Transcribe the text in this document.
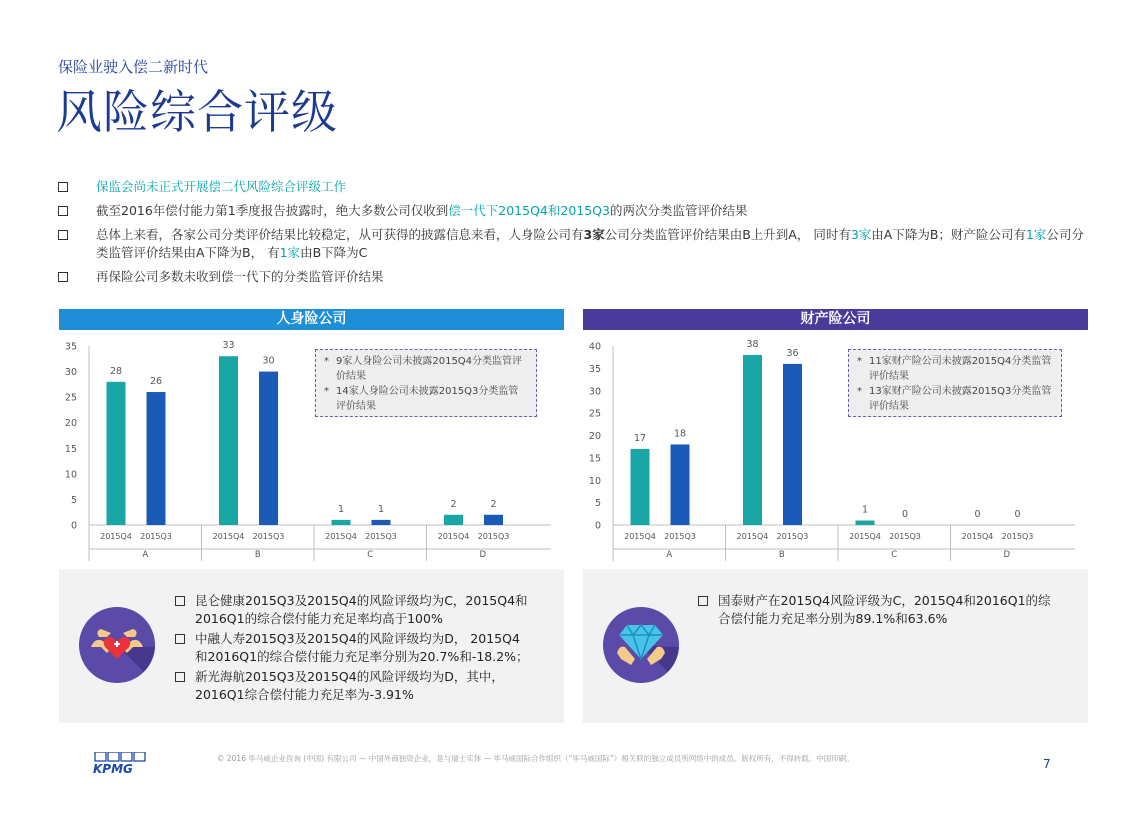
保险业驶入偿二新时代
风险综合评级
保监会尚未正式开展偿二代风险综合评级工作
截至2016年偿付能力第1季度报告披露时，绝大多数公司仅收到偿一代下2015Q4和2015Q3的两次分类监管评价结果
总体上来看，各家公司分类评价结果比较稳定，从可获得的披露信息来看，人身险公司有3家公司分类监管评价结果由B上升到A， 同时有3家由A下降为B；财产险公司有1家公司分类监管评价结果由A下降为B， 有1家由B下降为C
再保险公司多数未收到偿一代下的分类监管评价结果
人身险公司	财产险公司
0
5
10
15
20
25
30
35
A
28
2015Q4
26
2015Q3
B
33
2015Q4
30
2015Q3
C
1
2015Q4
1
2015Q3
D
2
2015Q4
2
2015Q3
0
5
10
15
20
25
30
35
40
A
17
2015Q4
18
2015Q3
B
38
2015Q4
36
2015Q3
C
1
2015Q4
0
2015Q3
D
0
2015Q4
0
2015Q3
* 9家人身险公司未披露2015Q4分类监管评价结果
* 14家人身险公司未披露2015Q3分类监管评价结果
* 11家财产险公司未披露2015Q4分类监管评价结果
* 13家财产险公司未披露2015Q3分类监管评价结果
昆仑健康2015Q3及2015Q4的风险评级均为C，2015Q4和2016Q1的综合偿付能力充足率均高于100%
中融人寿2015Q3及2015Q4的风险评级均为D， 2015Q4和2016Q1的综合偿付能力充足率分别为20.7%和-18.2%；
新光海航2015Q3及2015Q4的风险评级均为D，其中，2016Q1综合偿付能力充足率为-3.91%
国泰财产在2015Q4风险评级为C，2015Q4和2016Q1的综合偿付能力充足率分别为89.1%和63.6%
KPMG
© 2016 毕马威企业咨询 (中国) 有限公司 — 中国外商独资企业，是与瑞士实体 — 毕马威国际合作组织（“毕马威国际”）相关联的独立成员所网络中的成员。版权所有，不得转载。中国印刷。	7
